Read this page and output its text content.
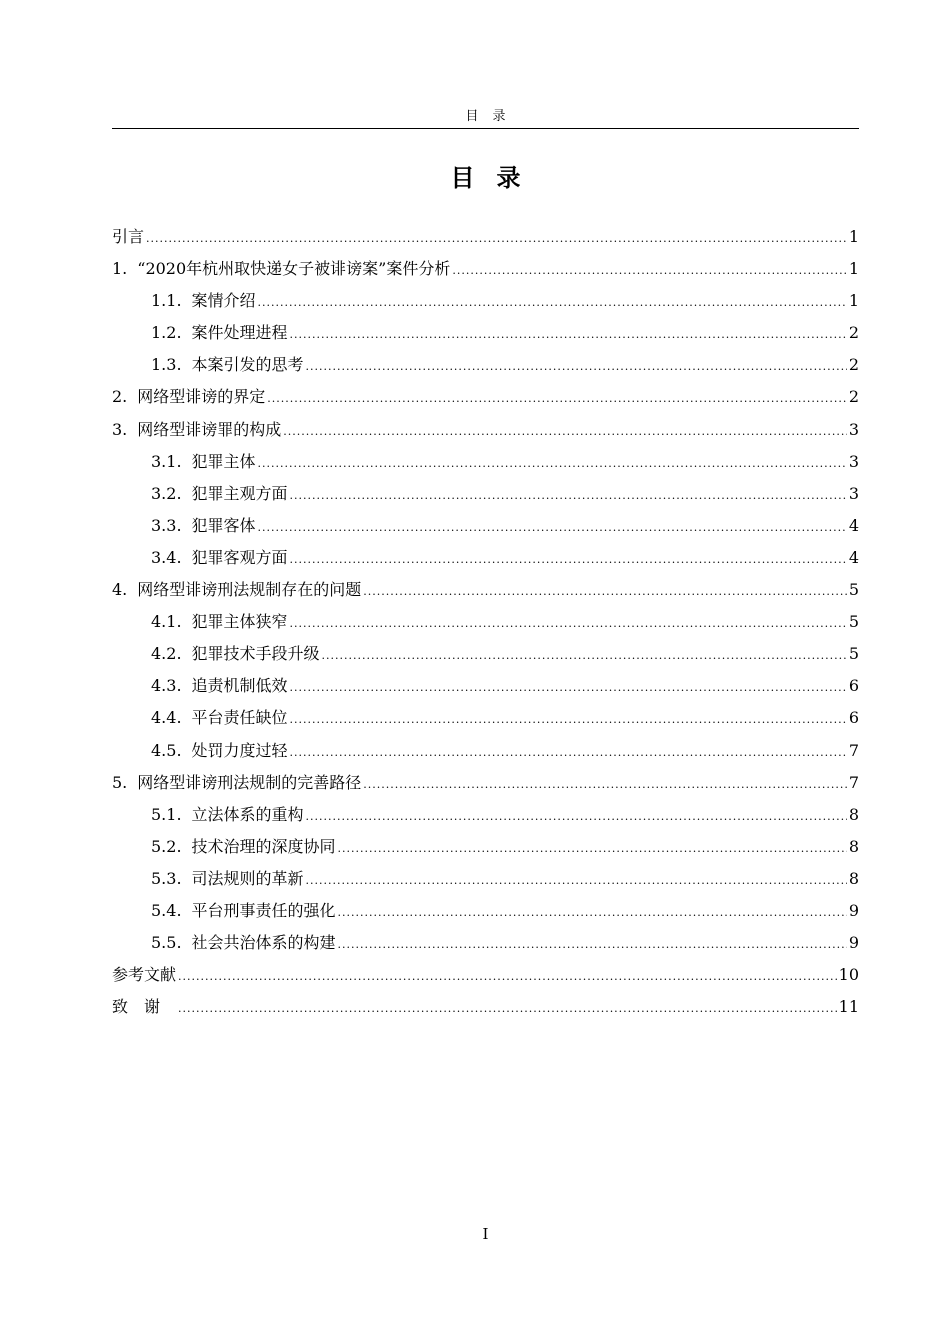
目录
目录
引言 .....	1
1. “2020年杭州取快递女子被诽谤案”案件分析 .....	1
1.1. 案情介绍 .....	1
1.2. 案件处理进程 .....	2
1.3. 本案引发的思考 .....	2
2. 网络型诽谤的界定 .....	2
3. 网络型诽谤罪的构成 .....	3
3.1. 犯罪主体 .....	3
3.2. 犯罪主观方面 .....	3
3.3. 犯罪客体 .....	4
3.4. 犯罪客观方面 .....	4
4. 网络型诽谤刑法规制存在的问题 .....	5
4.1. 犯罪主体狭窄 .....	5
4.2. 犯罪技术手段升级 .....	5
4.3. 追责机制低效 .....	6
4.4. 平台责任缺位 .....	6
4.5. 处罚力度过轻 .....	7
5. 网络型诽谤刑法规制的完善路径 .....	7
5.1. 立法体系的重构 .....	8
5.2. 技术治理的深度协同 .....	8
5.3. 司法规则的革新 .....	8
5.4. 平台刑事责任的强化 .....	9
5.5. 社会共治体系的构建 .....	9
参考文献 .....	10
致谢 .....	11
I
